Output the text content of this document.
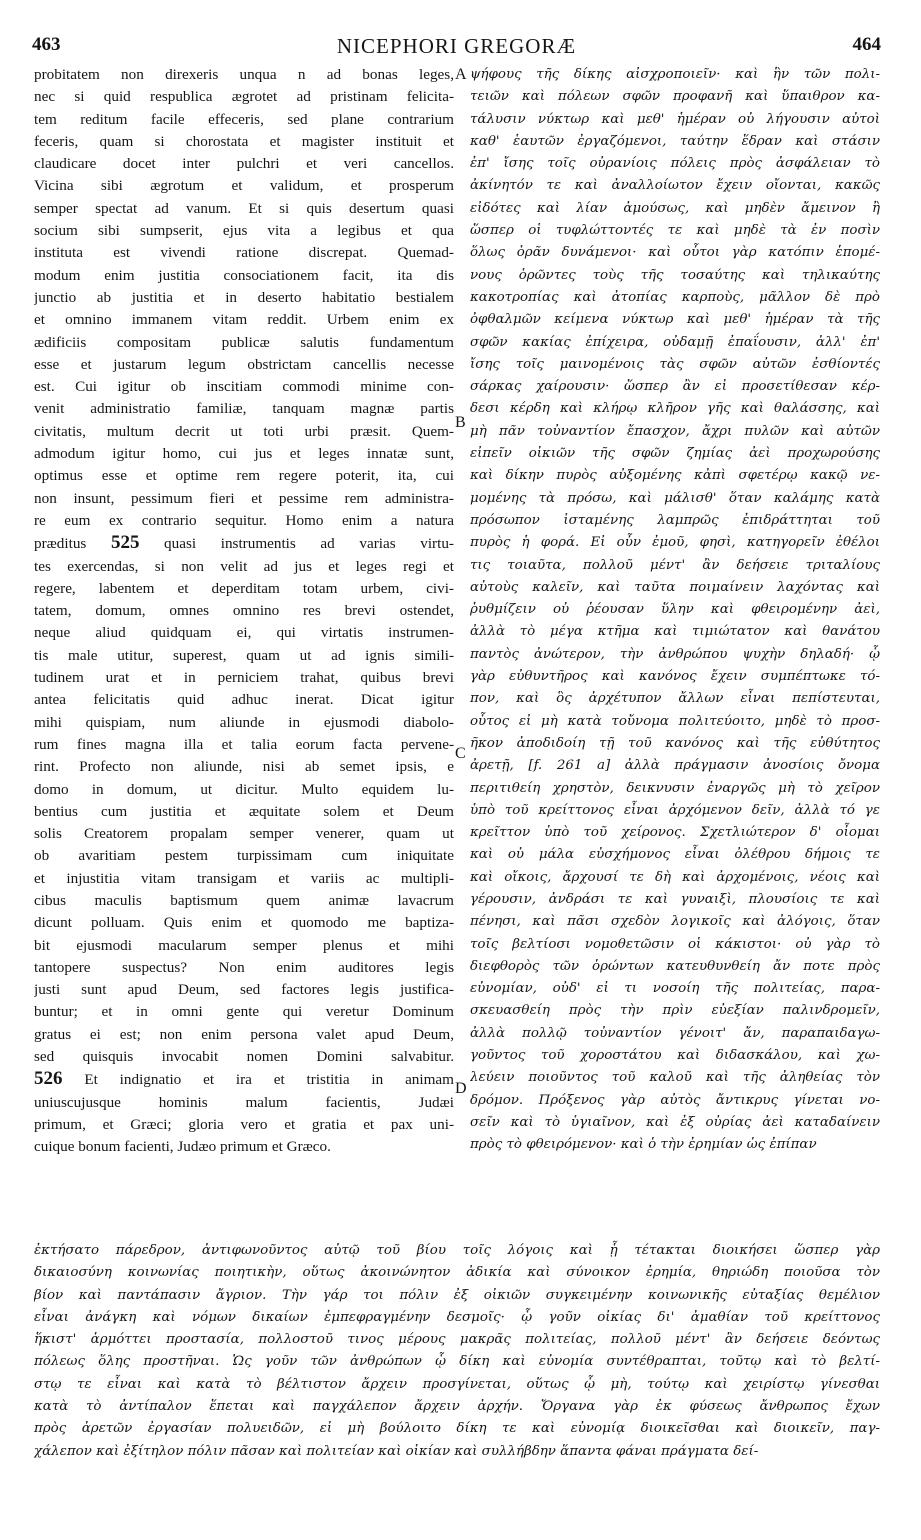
463	NICEPHORI GREGORÆ	464
probitatem non direxeris unqua n ad bonas leges,
nec si quid respublica ægrotet ad pristinam felicita-
tem reditum facile effeceris, sed plane contrarium
feceris, quam si chorostata et magister instituit et
claudicare docet inter pulchri et veri cancellos.
Vicina sibi ægrotum et validum, et prosperum
semper spectat ad vanum. Et si quis desertum quasi
socium sibi sumpserit, ejus vita a legibus et qua
instituta est vivendi ratione discrepat. Quemad-
modum enim justitia consociationem facit, ita dis
junctio ab justitia et in deserto habitatio bestialem
et omnino immanem vitam reddit. Urbem enim ex
ædificiis compositam publicæ salutis fundamentum
esse et justarum legum obstrictam cancellis necesse
est. Cui igitur ob inscitiam commodi minime con-
venit administratio familiæ, tanquam magnæ partis
civitatis, multum decrit ut toti urbi præsit. Quem-
admodum igitur homo, cui jus et leges innatæ sunt,
optimus esse et optime rem regere poterit, ita, cui
non insunt, pessimum fieri et pessime rem administra-
re eum ex contrario sequitur. Homo enim a natura
præditus 525 quasi instrumentis ad varias virtu-
tes exercendas, si non velit ad jus et leges regi et
regere, labentem et deperditam totam urbem, civi-
tatem, domum, omnes omnino res brevi ostendet,
neque aliud quidquam ei, qui virtatis instrumen-
tis male utitur, superest, quam ut ad ignis simili-
tudinem urat et in perniciem trahat, quibus brevi
antea felicitatis quid adhuc inerat. Dicat igitur
mihi quispiam, num aliunde in ejusmodi diabolo-
rum fines magna illa et talia eorum facta pervene-
rint. Profecto non aliunde, nisi ab semet ipsis, e
domo in domum, ut dicitur. Multo equidem lu-
bentius cum justitia et æquitate solem et Deum
solis Creatorem propalam semper venerer, quam ut
ob avaritiam pestem turpissimam cum iniquitate
et injustitia vitam transigam et variis ac multipli-
cibus maculis baptismum quem animæ lavacrum
dicunt polluam. Quis enim et quomodo me baptiza-
bit ejusmodi macularum semper plenus et mihi
tantopere suspectus? Non enim auditores legis
justi sunt apud Deum, sed factores legis justifica-
buntur; et in omni gente qui veretur Dominum
gratus ei est; non enim persona valet apud Deum,
sed quisquis invocabit nomen Domini salvabitur.
526 Et indignatio et ira et tristitia in animam
uniuscujusque hominis malum facientis, Judæi
primum, et Græci; gloria vero et gratia et pax uni-
cuique bonum facienti, Judæo primum et Græco.
ψήφους τῆς δίκης αἰσχροποιεῖν· καὶ ἣν τῶν πολι-
τειῶν καὶ πόλεων σφῶν προφανῆ καὶ ὕπαιθρον κα-
τάλυσιν νύκτωρ καὶ μεθ' ἡμέραν οὐ λήγουσιν αὐτοὶ
καθ' ἑαυτῶν ἐργαζόμενοι, ταύτην ἕδραν καὶ στάσιν
ἐπ' ἴσης τοῖς οὐρανίοις πόλεις πρὸς ἀσφάλειαν τὸ
ἀκίνητόν τε καὶ ἀναλλοίωτον ἔχειν οἴονται, κακῶς
εἰδότες καὶ λίαν ἀμούσως, καὶ μηδὲν ἄμεινον ἢ
ὥσπερ οἱ τυφλώττοντές τε καὶ μηδὲ τὰ ἐν ποσὶν
ὅλως ὁρᾶν δυνάμενοι· καὶ οὗτοι γὰρ κατόπιν ἑπομέ-
νους ὁρῶντες τοὺς τῆς τοσαύτης καὶ τηλικαύτης
κακοτροπίας καὶ ἀτοπίας καρποὺς, μᾶλλον δὲ πρὸ
ὀφθαλμῶν κείμενα νύκτωρ καὶ μεθ' ἡμέραν τὰ τῆς
σφῶν κακίας ἐπίχειρα, οὐδαμῇ ἐπαΐουσιν, ἀλλ' ἐπ'
ἴσης τοῖς μαινομένοις τὰς σφῶν αὐτῶν ἐσθίοντές
σάρκας χαίρουσιν· ὥσπερ ἂν εἰ προσετίθεσαν κέρ-
δεσι κέρδη καὶ κλήρῳ κλῆρον γῆς καὶ θαλάσσης, καὶ
μὴ πᾶν τοὐναντίον ἔπασχον, ἄχρι πυλῶν καὶ αὐτῶν
εἰπεῖν οἰκιῶν τῆς σφῶν ζημίας ἀεὶ προχωρούσης
καὶ δίκην πυρὸς αὐξομένης κἀπὶ σφετέρῳ κακῷ νε-
μομένης τὰ πρόσω, καὶ μάλισθ' ὅταν καλάμης κατὰ
πρόσωπον ἱσταμένης λαμπρῶς ἐπιδράττηται τοῦ
πυρὸς ἡ φορά. Εἰ οὖν ἐμοῦ, φησὶ, κατηγορεῖν ἐθέλοι
τις τοιαῦτα, πολλοῦ μέντ' ἂν δεήσειε τριταλίους
αὐτοὺς καλεῖν, καὶ ταῦτα ποιμαίνειν λαχόντας καὶ
ῥυθμίζειν οὐ ῥέουσαν ὕλην καὶ φθειρομένην ἀεὶ,
ἀλλὰ τὸ μέγα κτῆμα καὶ τιμιώτατον καὶ θανάτου
παντὸς ἀνώτερον, τὴν ἀνθρώπου ψυχὴν δηλαδή· ᾧ
γὰρ εὐθυντῆρος καὶ κανόνος ἔχειν συμπέπτωκε τό-
πον, καὶ ὃς ἀρχέτυπον ἄλλων εἶναι πεπίστευται,
οὗτος εἰ μὴ κατὰ τοὔνομα πολιτεύοιτο, μηδὲ τὸ προσ-
ῆκον ἀποδιδοίη τῇ τοῦ κανόνος καὶ τῆς εὐθύτητος
ἀρετῇ, [f. 261 a] ἀλλὰ πράγμασιν ἀνοσίοις ὄνομα
περιτιθείη χρηστὸν, δεικνυσιν ἐναργῶς μὴ τὸ χεῖρον
ὑπὸ τοῦ κρείττονος εἶναι ἀρχόμενον δεῖν, ἀλλὰ τό γε
κρεῖττον ὑπὸ τοῦ χείρονος. Σχετλιώτερον δ' οἶομαι
καὶ οὐ μάλα εὐσχήμονος εἶναι ὀλέθρου δήμοις τε
καὶ οἴκοις, ἄρχουσί τε δὴ καὶ ἀρχομένοις, νέοις καὶ
γέρουσιν, ἀνδράσι τε καὶ γυναιξὶ, πλουσίοις τε καὶ
πένησι, καὶ πᾶσι σχεδὸν λογικοῖς καὶ ἀλόγοις, ὅταν
τοῖς βελτίοσι νομοθετῶσιν οἱ κάκιστοι· οὐ γὰρ τὸ
διεφθορὸς τῶν ὁρώντων κατευθυνθείη ἄν ποτε πρὸς
εὐνομίαν, οὐδ' εἰ τι νοσοίη τῆς πολιτείας, παρα-
σκευασθείη πρὸς τὴν πρὶν εὐεξίαν παλινδρομεῖν,
ἀλλὰ πολλῷ τοὐναντίον γένοιτ' ἄν, παραπαιδαγω-
γοῦντος τοῦ χοροστάτου καὶ διδασκάλου, καὶ χω-
λεύειν ποιοῦντος τοῦ καλοῦ καὶ τῆς ἀληθείας τὸν
δρόμον. Πρόξενος γὰρ αὐτὸς ἄντικρυς γίνεται νο-
σεῖν καὶ τὸ ὑγιαῖνον, καὶ ἐξ οὐρίας ἀεὶ καταδαίνειν
πρὸς τὸ φθειρόμενον· καὶ ὁ τὴν ἐρημίαν ὡς ἐπίπαν
A
B
C
D
ἐκτήσατο πάρεδρον, ἀντιφωνοῦντος αὐτῷ τοῦ βίου τοῖς λόγοις καὶ ᾗ τέτακται διοικήσει ὥσπερ γὰρ
δικαιοσύνη κοινωνίας ποιητικὴν, οὕτως ἀκοινώνητον ἀδικία καὶ σύνοικον ἐρημία, θηριώδη ποιοῦσα τὸν
βίον καὶ παντάπασιν ἄγριον. Τὴν γάρ τοι πόλιν ἐξ οἰκιῶν συγκειμένην κοινωνικῆς εὐταξίας θεμέλιον
εἶναι ἀνάγκη καὶ νόμων δικαίων ἐμπεφραγμένην δεσμοῖς· ᾧ γοῦν οἰκίας δι' ἀμαθίαν τοῦ κρείττονος
ἥκιστ' ἁρμόττει προστασία, πολλοστοῦ τινος μέρους μακρᾶς πολιτείας, πολλοῦ μέντ' ἂν δεήσειε δεόντως
πόλεως ὅλης προστῆναι. Ὡς γοῦν τῶν ἀνθρώπων ᾧ δίκη καὶ εὐνομία συντέθραπται, τοῦτῳ καὶ τὸ βελτί-
στῳ τε εἶναι καὶ κατὰ τὸ βέλτιστον ἄρχειν προσγίνεται, οὕτως ᾧ μὴ, τούτῳ καὶ χειρίστῳ γίνεσθαι
κατὰ τὸ ἀντίπαλον ἕπεται καὶ παγχάλεπον ἄρχειν ἀρχήν. Ὄργανα γὰρ ἐκ φύσεως ἄνθρωπος ἔχων
πρὸς ἀρετῶν ἐργασίαν πολυειδῶν, εἰ μὴ βούλοιτο δίκη τε καὶ εὐνομίᾳ διοικεῖσθαι καὶ διοικεῖν, παγ-
χάλεπον καὶ ἐξίτηλον πόλιν πᾶσαν καὶ πολιτείαν καὶ οἰκίαν καὶ συλλήβδην ἅπαντα φάναι πράγματα δεί-
